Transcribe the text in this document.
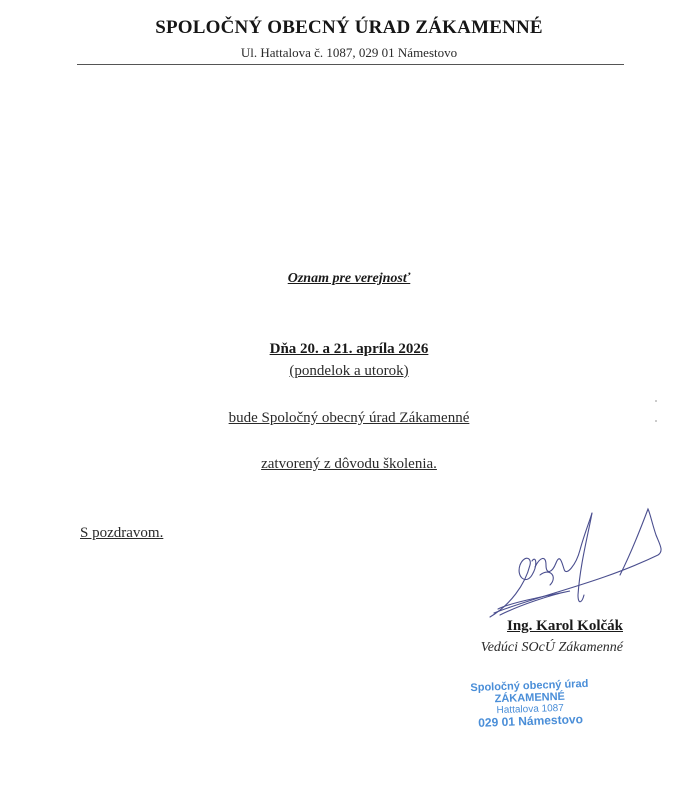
SPOLOČNÝ OBECNÝ ÚRAD ZÁKAMENNÉ
Ul. Hattalova č. 1087, 029 01 Námestovo
Oznam pre verejnosť
Dňa 20. a 21. apríla 2026
(pondelok a utorok)
bude Spoločný obecný úrad Zákamenné
zatvorený z dôvodu školenia.
S pozdravom.
Ing. Karol Kolčák
Vedúci SOcÚ Zákamenné
Spoločný obecný úrad
ZÁKAMENNÉ
Hattalova 1087
029 01 Námestovo
